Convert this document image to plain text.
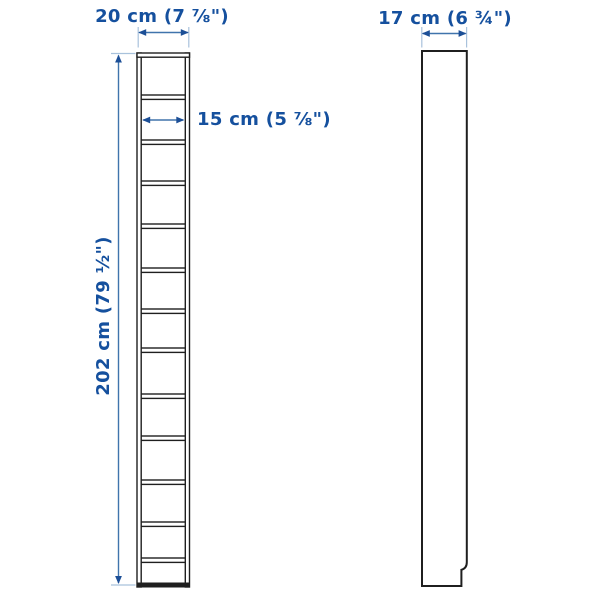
20 cm (7 ⅞")
15 cm (5 ⅞")
202 cm (79 ½")
17 cm (6 ¾")
